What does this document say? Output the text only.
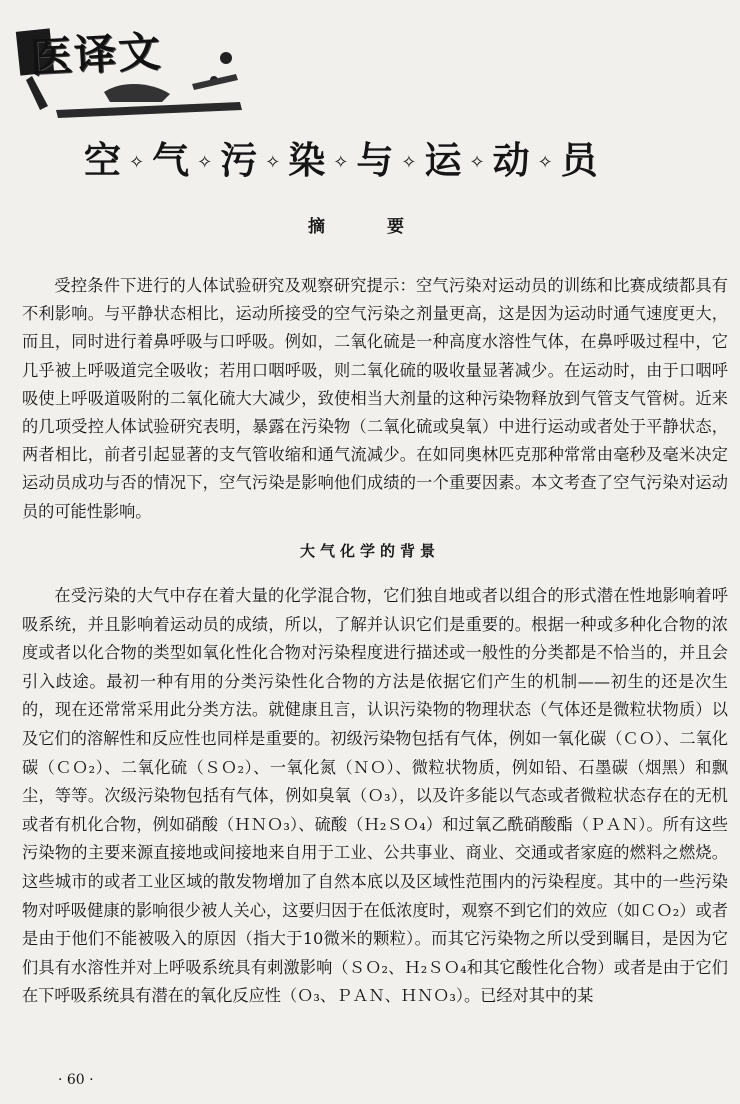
医译文
空 ✧ 气 ✧ 污 ✧ 染 ✧ 与 ✧ 运 ✧ 动 ✧ 员
摘 要

受控条件下进行的人体试验研究及观察研究提示：空气污染对运动员的训练和比赛成绩都具有不利影响。与平静状态相比，运动所接受的空气污染之剂量更高，这是因为运动时通气速度更大，而且，同时进行着鼻呼吸与口呼吸。例如，二氧化硫是一种高度水溶性气体，在鼻呼吸过程中，它几乎被上呼吸道完全吸收；若用口咽呼吸，则二氧化硫的吸收量显著减少。在运动时，由于口咽呼吸使上呼吸道吸附的二氧化硫大大减少，致使相当大剂量的这种污染物释放到气管支气管树。近来的几项受控人体试验研究表明，暴露在污染物（二氧化硫或臭氧）中进行运动或者处于平静状态，两者相比，前者引起显著的支气管收缩和通气流减少。在如同奥林匹克那种常常由毫秒及毫米决定运动员成功与否的情况下，空气污染是影响他们成绩的一个重要因素。本文考查了空气污染对运动员的可能性影响。

大气化学的背景

在受污染的大气中存在着大量的化学混合物，它们独自地或者以组合的形式潜在性地影响着呼吸系统，并且影响着运动员的成绩，所以，了解并认识它们是重要的。根据一种或多种化合物的浓度或者以化合物的类型如氧化性化合物对污染程度进行描述或一般性的分类都是不恰当的，并且会引入歧途。最初一种有用的分类污染性化合物的方法是依据它们产生的机制——初生的还是次生的，现在还常常采用此分类方法。就健康且言，认识污染物的物理状态（气体还是微粒状物质）以及它们的溶解性和反应性也同样是重要的。初级污染物包括有气体，例如一氧化碳（ＣＯ）、二氧化碳（ＣＯ₂）、二氧化硫（ＳＯ₂）、一氧化氮（ＮＯ）、微粒状物质，例如铅、石墨碳（烟黑）和飘尘，等等。次级污染物包括有气体，例如臭氧（Ｏ₃），以及许多能以气态或者微粒状态存在的无机或者有机化合物，例如硝酸（ＨＮＯ₃）、硫酸（Ｈ₂ＳＯ₄）和过氧乙酰硝酸酯（ＰＡＮ）。所有这些污染物的主要来源直接地或间接地来自用于工业、公共事业、商业、交通或者家庭的燃料之燃烧。这些城市的或者工业区域的散发物增加了自然本底以及区域性范围内的污染程度。其中的一些污染物对呼吸健康的影响很少被人关心，这要归因于在低浓度时，观察不到它们的效应（如ＣＯ₂）或者是由于他们不能被吸入的原因（指大于10微米的颗粒）。而其它污染物之所以受到瞩目，是因为它们具有水溶性并对上呼吸系统具有刺激影响（ＳＯ₂、Ｈ₂ＳＯ₄和其它酸性化合物）或者是由于它们在下呼吸系统具有潜在的氧化反应性（Ｏ₃、ＰＡＮ、ＨＮＯ₃）。已经对其中的某

· 60 ·
